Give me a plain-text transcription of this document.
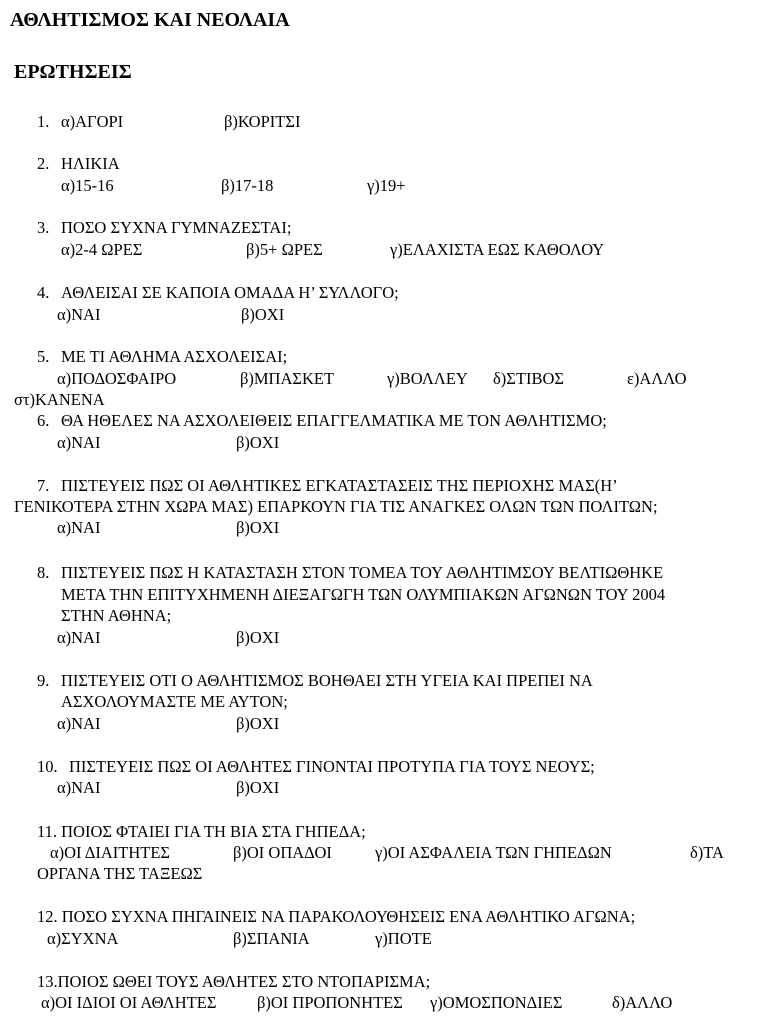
ΑΘΛΗΤΙΣΜΟΣ ΚΑΙ ΝΕΟΛΑΙΑ
ΕΡΩΤΗΣΕΙΣ
1. α)ΑΓΟΡΙ	β)ΚΟΡΙΤΣΙ
2. ΗΛΙΚΙΑ
α)15-16	β)17-18	γ)19+
3. ΠΟΣΟ ΣΥΧΝΑ ΓΥΜΝΑΖΕΣΤΑΙ;
α)2-4 ΩΡΕΣ	β)5+ ΩΡΕΣ	γ)ΕΛΑΧΙΣΤΑ ΕΩΣ ΚΑΘΟΛΟΥ
4. ΑΘΛΕΙΣΑΙ ΣΕ ΚΑΠΟΙΑ ΟΜΑΔΑ Η’ ΣΥΛΛΟΓΟ;
α)ΝΑΙ	β)ΟΧΙ
5. ΜΕ ΤΙ ΑΘΛΗΜΑ ΑΣΧΟΛΕΙΣΑΙ;
α)ΠΟΔΟΣΦΑΙΡΟ	β)ΜΠΑΣΚΕΤ	γ)ΒΟΛΛΕΥ δ)ΣΤΙΒΟΣ	ε)ΑΛΛΟ
στ)ΚΑΝΕΝΑ
6. ΘΑ ΗΘΕΛΕΣ ΝΑ ΑΣΧΟΛΕΙΘΕΙΣ ΕΠΑΓΓΕΛΜΑΤΙΚΑ ΜΕ ΤΟΝ ΑΘΛΗΤΙΣΜΟ;
α)ΝΑΙ	β)ΟΧΙ
7. ΠΙΣΤΕΥΕΙΣ ΠΩΣ ΟΙ ΑΘΛΗΤΙΚΕΣ ΕΓΚΑΤΑΣΤΑΣΕΙΣ ΤΗΣ ΠΕΡΙΟΧΗΣ ΜΑΣ(Η’
ΓΕΝΙΚΟΤΕΡΑ ΣΤΗΝ ΧΩΡΑ ΜΑΣ) ΕΠΑΡΚΟΥΝ ΓΙΑ ΤΙΣ ΑΝΑΓΚΕΣ ΟΛΩΝ ΤΩΝ ΠΟΛΙΤΩΝ;
α)ΝΑΙ	β)ΟΧΙ
8. ΠΙΣΤΕΥΕΙΣ ΠΩΣ Η ΚΑΤΑΣΤΑΣΗ ΣΤΟΝ ΤΟΜΕΑ ΤΟΥ ΑΘΛΗΤΙΜΣΟΥ ΒΕΛΤΙΩΘΗΚΕ
ΜΕΤΑ ΤΗΝ ΕΠΙΤΥΧΗΜΕΝΗ ΔΙΕΞΑΓΩΓΗ ΤΩΝ ΟΛΥΜΠΙΑΚΩΝ ΑΓΩΝΩΝ ΤΟΥ 2004
ΣΤΗΝ ΑΘΗΝΑ;
α)ΝΑΙ	β)ΟΧΙ
9. ΠΙΣΤΕΥΕΙΣ ΟΤΙ Ο ΑΘΛΗΤΙΣΜΟΣ ΒΟΗΘΑΕΙ ΣΤΗ ΥΓΕΙΑ ΚΑΙ ΠΡΕΠΕΙ ΝΑ
ΑΣΧΟΛΟΥΜΑΣΤΕ ΜΕ ΑΥΤΟΝ;
α)ΝΑΙ	β)ΟΧΙ
10. ΠΙΣΤΕΥΕΙΣ ΠΩΣ ΟΙ ΑΘΛΗΤΕΣ ΓΙΝΟΝΤΑΙ ΠΡΟΤΥΠΑ ΓΙΑ ΤΟΥΣ ΝΕΟΥΣ;
α)ΝΑΙ	β)ΟΧΙ
11. ΠΟΙΟΣ ΦΤΑΙΕΙ ΓΙΑ ΤΗ ΒΙΑ ΣΤΑ ΓΗΠΕΔΑ;
α)ΟΙ ΔΙΑΙΤΗΤΕΣ	β)ΟΙ ΟΠΑΔΟΙ	γ)ΟΙ ΑΣΦΑΛΕΙΑ ΤΩΝ ΓΗΠΕΔΩΝ	δ)ΤΑ
ΟΡΓΑΝΑ ΤΗΣ ΤΑΞΕΩΣ
12. ΠΟΣΟ ΣΥΧΝΑ ΠΗΓΑΙΝΕΙΣ ΝΑ ΠΑΡΑΚΟΛΟΥΘΗΣΕΙΣ ΕΝΑ ΑΘΛΗΤΙΚΟ ΑΓΩΝΑ;
α)ΣΥΧΝΑ	β)ΣΠΑΝΙΑ	γ)ΠΟΤΕ
13.ΠΟΙΟΣ ΩΘΕΙ ΤΟΥΣ ΑΘΛΗΤΕΣ ΣΤΟ ΝΤΟΠΑΡΙΣΜΑ;
α)ΟΙ ΙΔΙΟΙ ΟΙ ΑΘΛΗΤΕΣ β)ΟΙ ΠΡΟΠΟΝΗΤΕΣ γ)ΟΜΟΣΠΟΝΔΙΕΣ	δ)ΑΛΛΟ
